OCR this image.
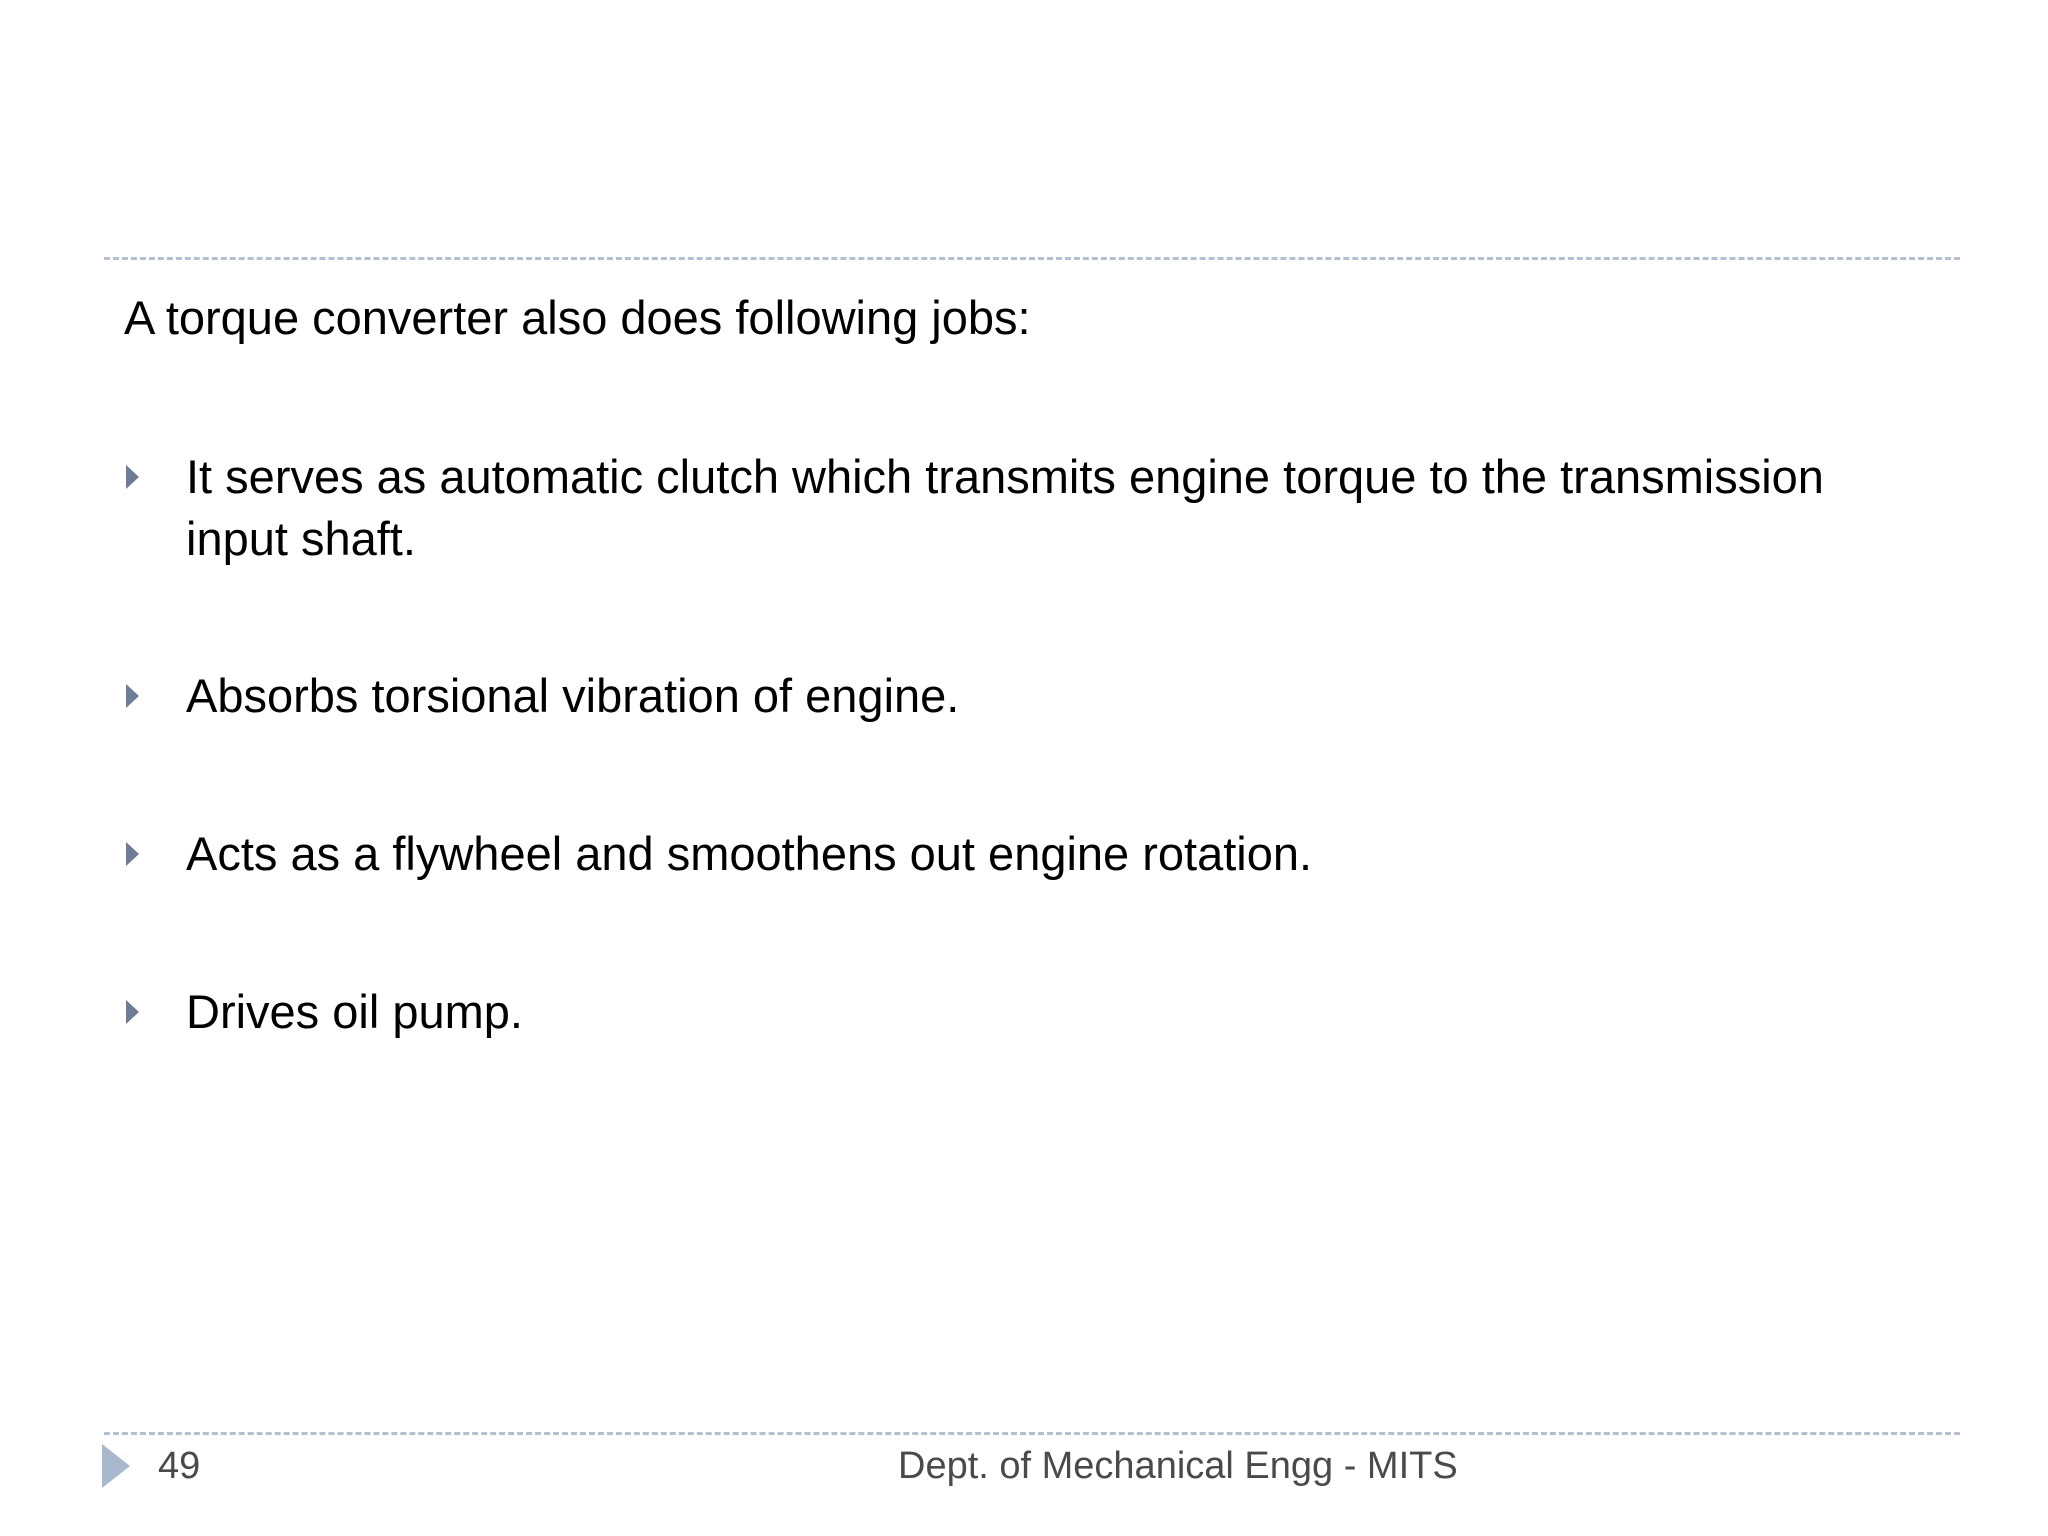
A torque converter also does following jobs:
It serves as automatic clutch which transmits engine torque to the transmission input shaft.
Absorbs torsional vibration of engine.
Acts as a flywheel and smoothens out engine rotation.
Drives oil pump.
49	Dept. of Mechanical Engg - MITS
